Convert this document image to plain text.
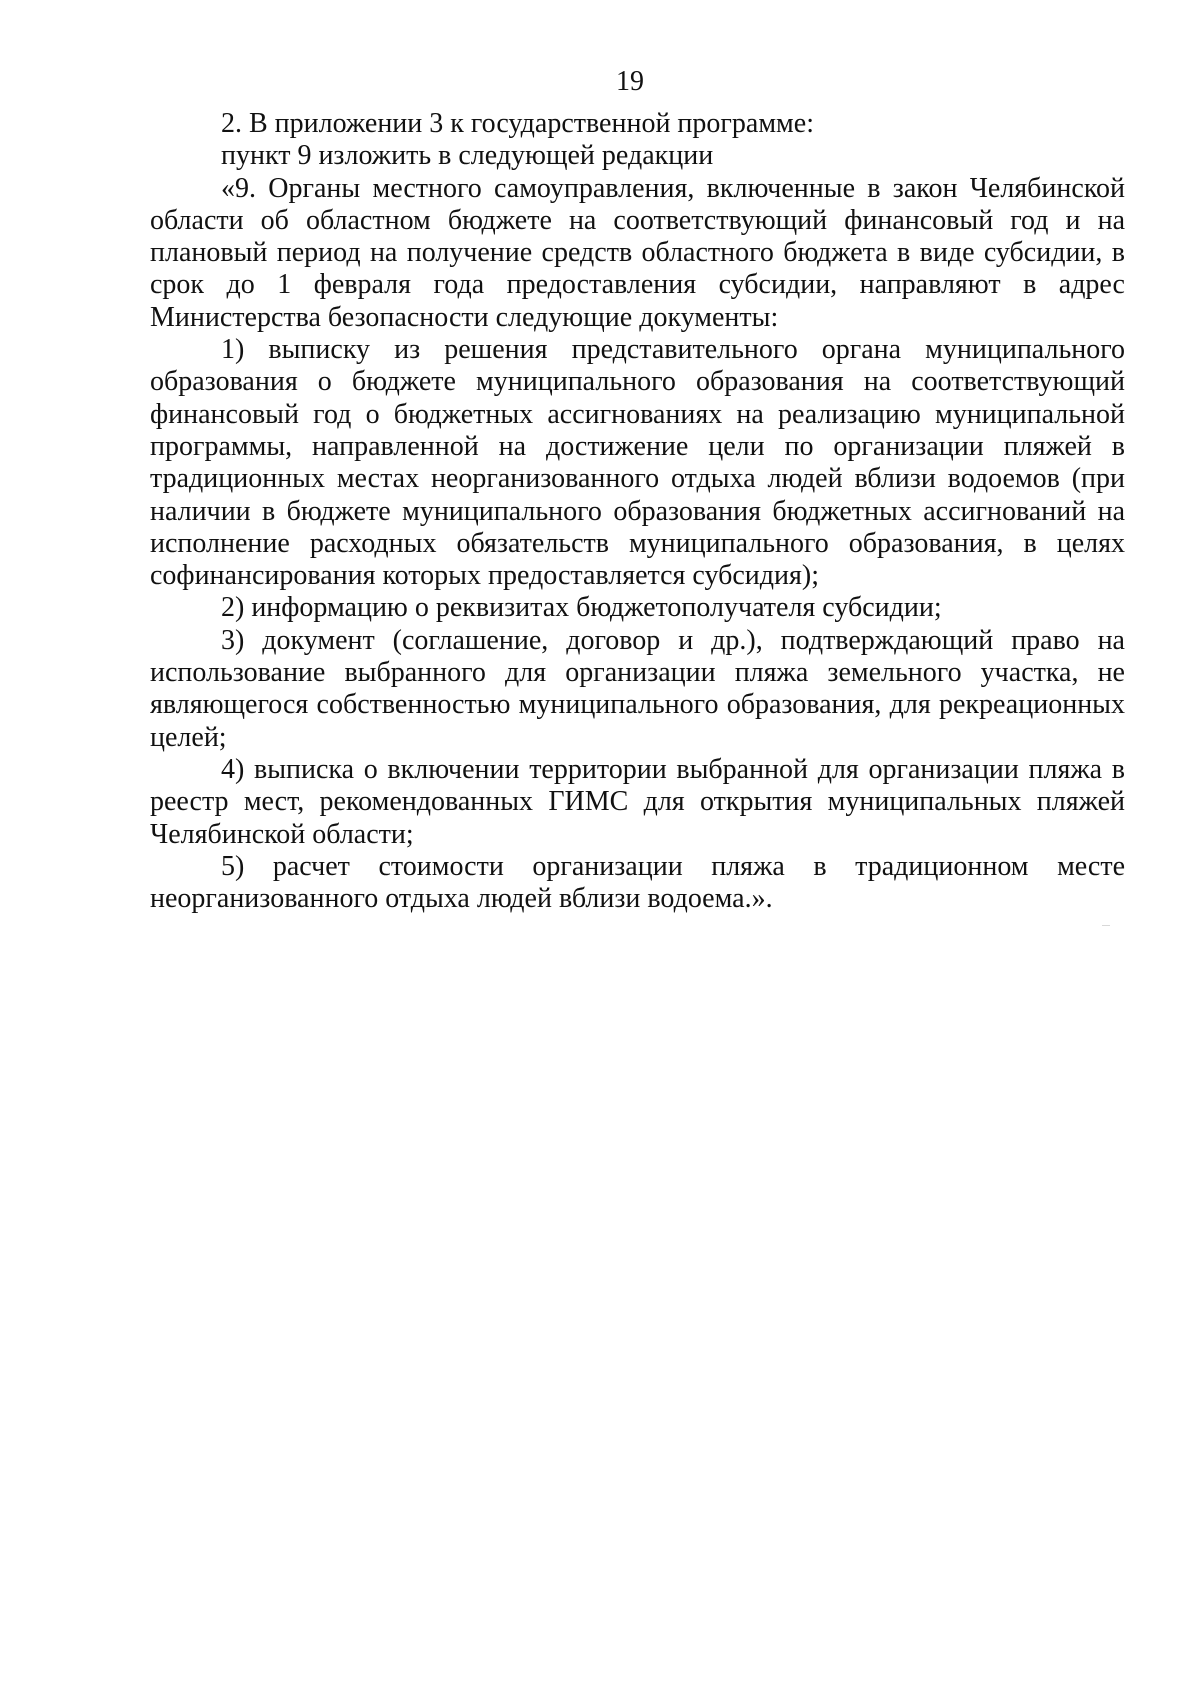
19

2. В приложении 3 к государственной программе:

пункт 9 изложить в следующей редакции

«9. Органы местного самоуправления, включенные в закон Челябинской области об областном бюджете на соответствующий финансовый год и на плановый период на получение средств областного бюджета в виде субсидии, в срок до 1 февраля года предоставления субсидии, направляют в адрес Министерства безопасности следующие документы:

1) выписку из решения представительного органа муниципального образования о бюджете муниципального образования на соответствующий финансовый год о бюджетных ассигнованиях на реализацию муниципальной программы, направленной на достижение цели по организации пляжей в традиционных местах неорганизованного отдыха людей вблизи водоемов (при наличии в бюджете муниципального образования бюджетных ассигнований на исполнение расходных обязательств муниципального образования, в целях софинансирования которых предоставляется субсидия);

2) информацию о реквизитах бюджетополучателя субсидии;

3) документ (соглашение, договор и др.), подтверждающий право на использование выбранного для организации пляжа земельного участка, не являющегося собственностью муниципального образования, для рекреационных целей;

4) выписка о включении территории выбранной для организации пляжа в реестр мест, рекомендованных ГИМС для открытия муниципальных пляжей Челябинской области;

5) расчет стоимости организации пляжа в традиционном месте неорганизованного отдыха людей вблизи водоема.».
